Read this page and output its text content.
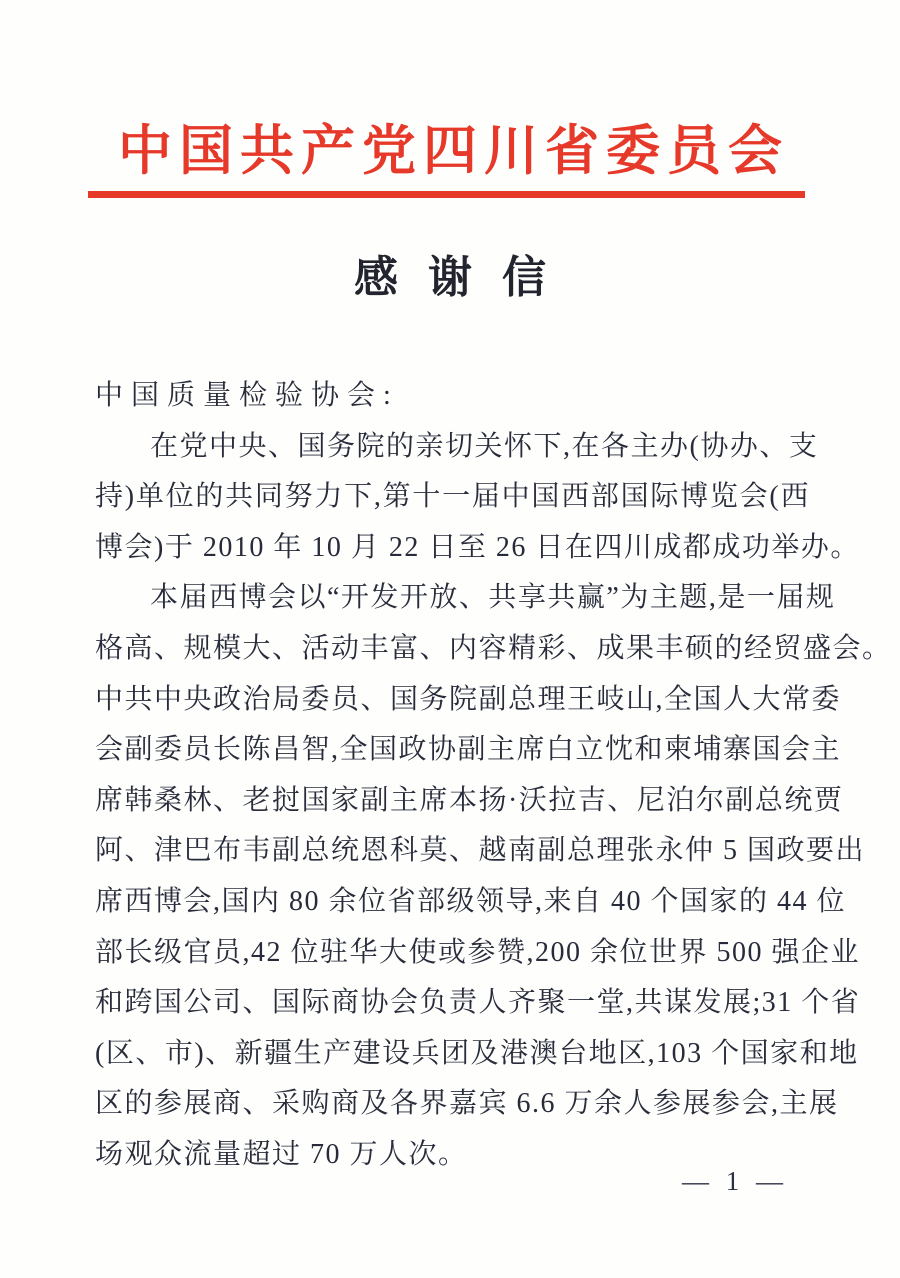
中国共产党四川省委员会
感谢信

中国质量检验协会:

在党中央、国务院的亲切关怀下,在各主办(协办、支

持)单位的共同努力下,第十一届中国西部国际博览会(西

博会)于 2010 年 10 月 22 日至 26 日在四川成都成功举办。

本届西博会以“开发开放、共享共赢”为主题,是一届规

格高、规模大、活动丰富、内容精彩、成果丰硕的经贸盛会。

中共中央政治局委员、国务院副总理王岐山,全国人大常委

会副委员长陈昌智,全国政协副主席白立忱和柬埔寨国会主

席韩桑林、老挝国家副主席本扬·沃拉吉、尼泊尔副总统贾

阿、津巴布韦副总统恩科莫、越南副总理张永仲 5 国政要出

席西博会,国内 80 余位省部级领导,来自 40 个国家的 44 位

部长级官员,42 位驻华大使或参赞,200 余位世界 500 强企业

和跨国公司、国际商协会负责人齐聚一堂,共谋发展;31 个省

(区、市)、新疆生产建设兵团及港澳台地区,103 个国家和地

区的参展商、采购商及各界嘉宾 6.6 万余人参展参会,主展

场观众流量超过 70 万人次。

— 1 —
